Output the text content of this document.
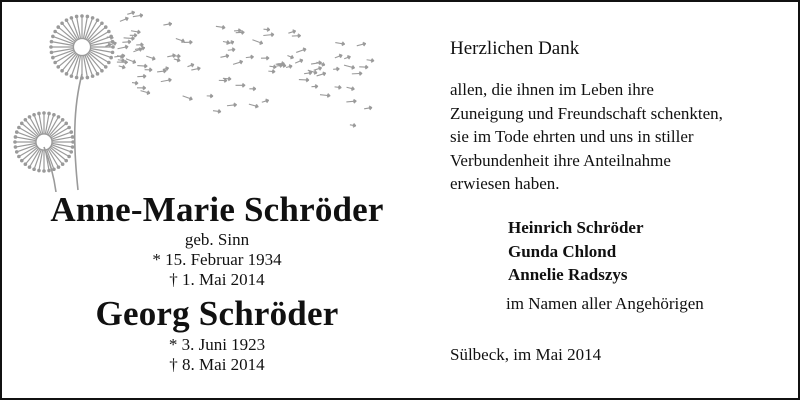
Anne-Marie Schröder
geb. Sinn
* 15. Februar 1934
† 1. Mai 2014
Georg Schröder
* 3. Juni 1923
† 8. Mai 2014
Herzlichen Dank
allen, die ihnen im Leben ihre
Zuneigung und Freundschaft schenkten,
sie im Tode ehrten und uns in stiller
Verbundenheit ihre Anteilnahme
erwiesen haben.
Heinrich Schröder
Gunda Chlond
Annelie Radszys
im Namen aller Angehörigen
Sülbeck, im Mai 2014
